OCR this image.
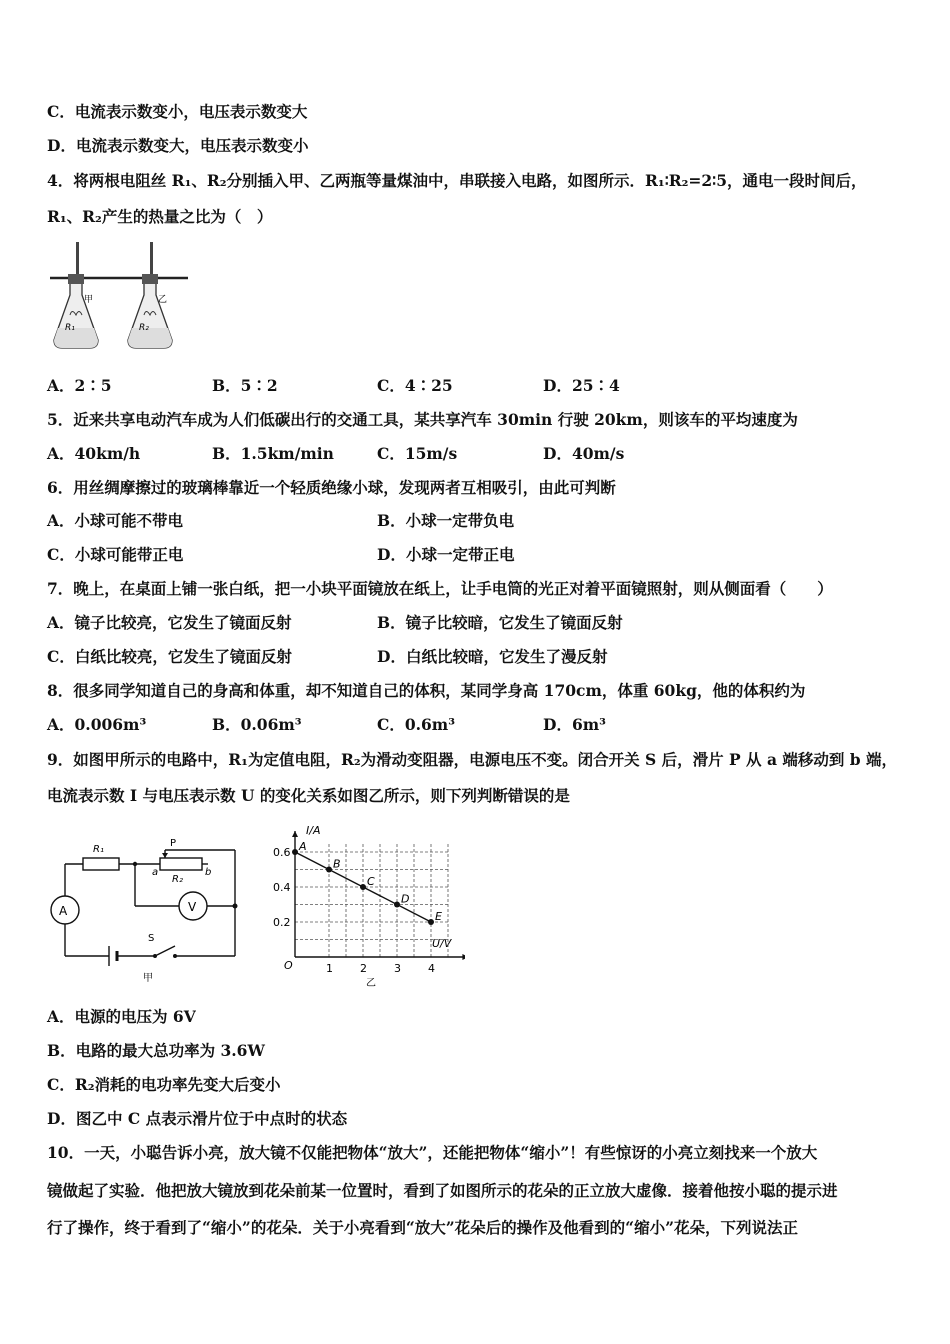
C．电流表示数变小，电压表示数变大
D．电流表示数变大，电压表示数变小
4．将两根电阻丝 R₁、R₂分别插入甲、乙两瓶等量煤油中，串联接入电路，如图所示．R₁∶R₂=2∶5，通电一段时间后，
R₁、R₂产生的热量之比为（　）
甲
R₁
乙
R₂
A．2∶5	B．5∶2	C．4∶25	D．25∶4
5．近来共享电动汽车成为人们低碳出行的交通工具，某共享汽车 30min 行驶 20km，则该车的平均速度为
A．40km/h	B．1.5km/min	C．15m/s	D．40m/s
6．用丝绸摩擦过的玻璃棒靠近一个轻质绝缘小球，发现两者互相吸引，由此可判断
A．小球可能不带电	B．小球一定带负电
C．小球可能带正电	D．小球一定带正电
7．晚上，在桌面上铺一张白纸，把一小块平面镜放在纸上，让手电筒的光正对着平面镜照射，则从侧面看（　　）
A．镜子比较亮，它发生了镜面反射	B．镜子比较暗，它发生了镜面反射
C．白纸比较亮，它发生了镜面反射	D．白纸比较暗，它发生了漫反射
8．很多同学知道自己的身高和体重，却不知道自己的体积，某同学身高 170cm，体重 60kg，他的体积约为
A．0.006m³	B．0.06m³	C．0.6m³	D．6m³
9．如图甲所示的电路中，R₁为定值电阻，R₂为滑动变阻器，电源电压不变。闭合开关 S 后，滑片 P 从 a 端移动到 b 端，
电流表示数 I 与电压表示数 U 的变化关系如图乙所示，则下列判断错误的是
R₁
R₂
P
a	b
A	V
S
甲
I/A
U/V
O
乙
0.6
0.4
0.2
1 2 3 4
A
B
C
D
E
A．电源的电压为 6V
B．电路的最大总功率为 3.6W
C．R₂消耗的电功率先变大后变小
D．图乙中 C 点表示滑片位于中点时的状态
10．一天，小聪告诉小亮，放大镜不仅能把物体“放大”，还能把物体“缩小”！有些惊讶的小亮立刻找来一个放大
镜做起了实验．他把放大镜放到花朵前某一位置时，看到了如图所示的花朵的正立放大虚像．接着他按小聪的提示进
行了操作，终于看到了“缩小”的花朵．关于小亮看到“放大”花朵后的操作及他看到的“缩小”花朵，下列说法正
